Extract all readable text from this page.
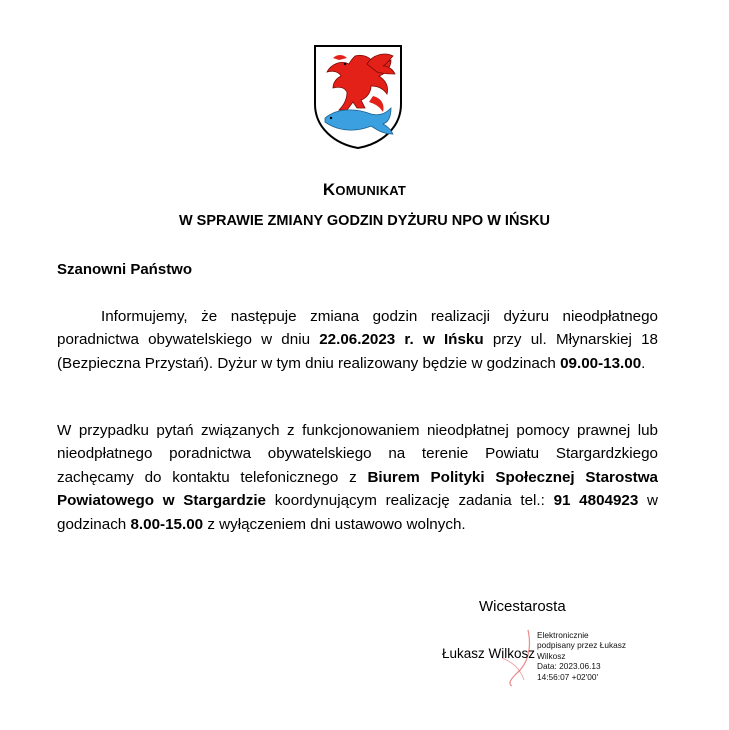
KOMUNIKAT
W SPRAWIE ZMIANY GODZIN DYŻURU NPO W IŃSKU
Szanowni Państwo
Informujemy, że następuje zmiana godzin realizacji dyżuru nieodpłatnego poradnictwa obywatelskiego w dniu 22.06.2023 r. w Ińsku przy ul. Młynarskiej 18 (Bezpieczna Przystań). Dyżur w tym dniu realizowany będzie w godzinach 09.00-13.00.
W przypadku pytań związanych z funkcjonowaniem nieodpłatnej pomocy prawnej lub nieodpłatnego poradnictwa obywatelskiego na terenie Powiatu Stargardzkiego zachęcamy do kontaktu telefonicznego z Biurem Polityki Społecznej Starostwa Powiatowego w Stargardzie koordynującym realizację zadania tel.: 91 4804923 w godzinach 8.00-15.00 z wyłączeniem dni ustawowo wolnych.
Wicestarosta
Łukasz Wilkosz
Elektronicznie
podpisany przez Łukasz
Wilkosz
Data: 2023.06.13
14:56:07 +02'00'
